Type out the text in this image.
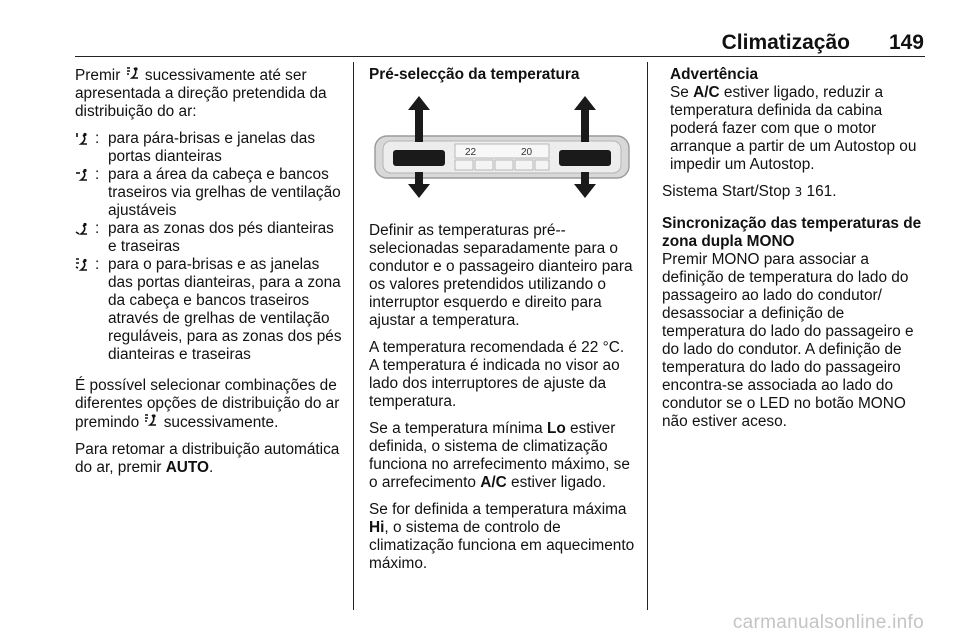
Climatização 149

Premir sucessivamente até ser apresentada a direção pretendida da distribuição do ar:

: para pára-brisas e janelas das portas dianteiras
: para a área da cabeça e bancos traseiros via grelhas de ventilação ajustáveis
: para as zonas dos pés dianteiras e traseiras
: para o para-brisas e as janelas das portas dianteiras, para a zona da cabeça e bancos traseiros através de grelhas de ventilação reguláveis, para as zonas dos pés dianteiras e traseiras

É possível selecionar combinações de diferentes opções de distribuição do ar premindo sucessivamente.

Para retomar a distribuição automática do ar, premir AUTO.

Pré-selecção da temperatura
22	20

Definir as temperaturas pré--selecionadas separadamente para o condutor e o passageiro dianteiro para os valores pretendidos utilizando o interruptor esquerdo e direito para ajustar a temperatura.

A temperatura recomendada é 22 °C. A temperatura é indicada no visor ao lado dos interruptores de ajuste da temperatura.

Se a temperatura mínima Lo estiver definida, o sistema de climatização funciona no arrefecimento máximo, se o arrefecimento A/C estiver ligado.

Se for definida a temperatura máxima Hi, o sistema de controlo de climatização funciona em aquecimento máximo.

Advertência
Se A/C estiver ligado, reduzir a temperatura definida da cabina poderá fazer com que o motor arranque a partir de um Autostop ou impedir um Autostop.

Sistema Start/Stop 3 161.

Sincronização das temperaturas de zona dupla MONO

Premir MONO para associar a definição de temperatura do lado do passageiro ao lado do condutor/ desassociar a definição de temperatura do lado do passageiro e do lado do condutor. A definição de temperatura do lado do passageiro encontra-se associada ao lado do condutor se o LED no botão MONO não estiver aceso.

carmanualsonline.info
